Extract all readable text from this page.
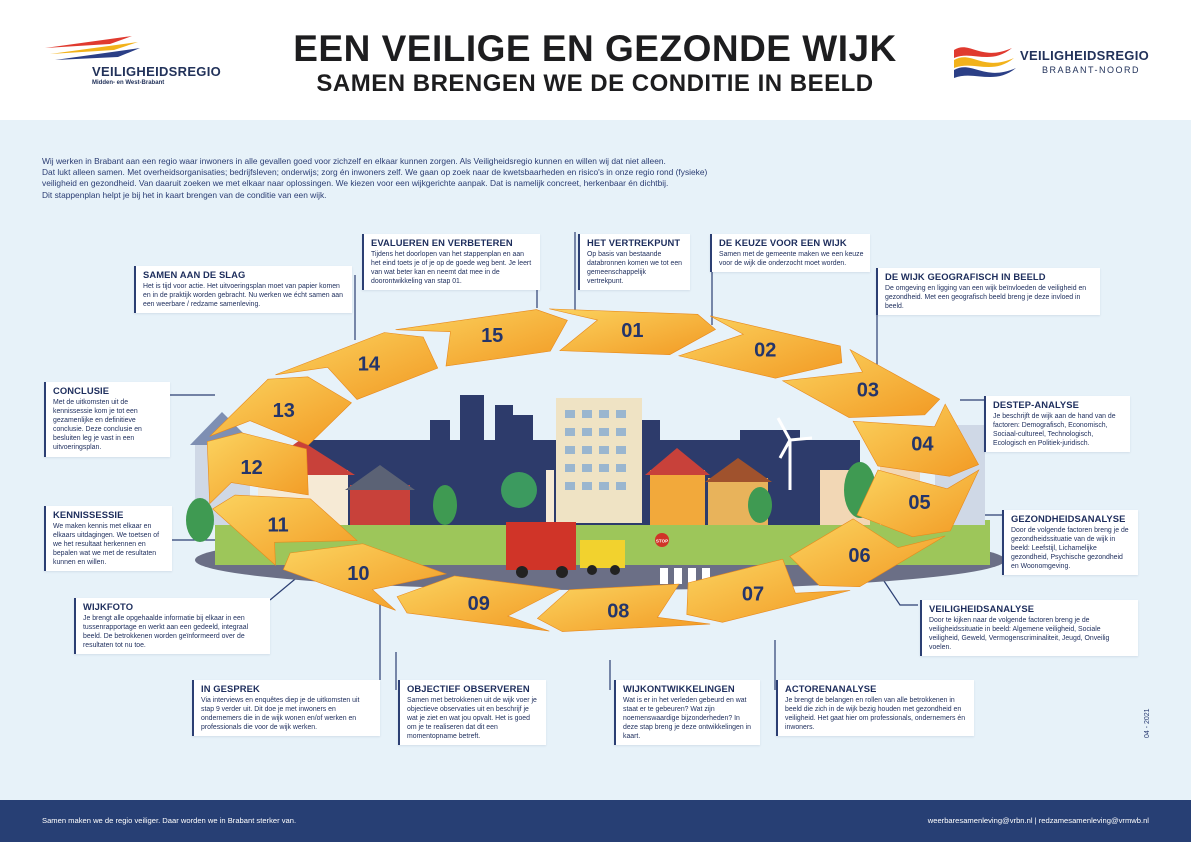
VEILIGHEIDSREGIO
Midden- en West-Brabant
EEN VEILIGE EN GEZONDE WIJK
SAMEN BRENGEN WE DE CONDITIE IN BEELD
VEILIGHEIDSREGIO
BRABANT-NOORD
Wij werken in Brabant aan een regio waar inwoners in alle gevallen goed voor zichzelf en elkaar kunnen zorgen. Als Veiligheidsregio kunnen en willen wij dat niet alleen.
Dat lukt alleen samen. Met overheidsorganisaties; bedrijfsleven; onderwijs; zorg én inwoners zelf. We gaan op zoek naar de kwetsbaarheden en risico's in onze regio rond (fysieke)
veiligheid en gezondheid. Van daaruit zoeken we met elkaar naar oplossingen. We kiezen voor een wijkgerichte aanpak. Dat is namelijk concreet, herkenbaar én dichtbij.
Dit stappenplan helpt je bij het in kaart brengen van de conditie van een wijk.
STOP
01
02
03
04
05
06
07
08
09
10
11
12
13
14
15
EVALUEREN EN VERBETEREN

Tijdens het doorlopen van het stappenplan en aan het eind toets je of je op de goede weg bent. Je leert van wat beter kan en neemt dat mee in de doorontwikkeling van stap 01.

HET VERTREKPUNT

Op basis van bestaande databronnen komen we tot een gemeenschappelijk vertrekpunt.

DE KEUZE VOOR EEN WIJK

Samen met de gemeente maken we een keuze voor de wijk die onderzocht moet worden.

SAMEN AAN DE SLAG

Het is tijd voor actie. Het uitvoeringsplan moet van papier komen en in de praktijk worden gebracht. Nu werken we écht samen aan een weerbare / redzame samenleving.

DE WIJK GEOGRAFISCH IN BEELD

De omgeving en ligging van een wijk beïnvloeden de veiligheid en gezondheid. Met een geografisch beeld breng je deze invloed in beeld.

CONCLUSIE

Met de uitkomsten uit de kennissessie kom je tot een gezamenlijke en definitieve conclusie. Deze conclusie en besluiten leg je vast in een uitvoeringsplan.

DESTEP-ANALYSE

Je beschrijft de wijk aan de hand van de factoren: Demografisch, Economisch, Sociaal-cultureel, Technologisch, Ecologisch en Politiek-juridisch.

KENNISSESSIE

We maken kennis met elkaar en elkaars uitdagingen. We toetsen of we het resultaat herkennen en bepalen wat we met de resultaten kunnen en willen.

GEZONDHEIDSANALYSE

Door de volgende factoren breng je de gezondheidssituatie van de wijk in beeld: Leefstijl, Lichamelijke gezondheid, Psychische gezondheid en Woonomgeving.

WIJKFOTO

Je brengt alle opgehaalde informatie bij elkaar in een tussenrapportage en werkt aan een gedeeld, integraal beeld. De betrokkenen worden geïnformeerd over de resultaten tot nu toe.

VEILIGHEIDSANALYSE

Door te kijken naar de volgende factoren breng je de veiligheidssituatie in beeld: Algemene veiligheid, Sociale veiligheid, Geweld, Vermogenscriminaliteit, Jeugd, Onveilig voelen.

IN GESPREK

Via interviews en enquêtes diep je de uitkomsten uit stap 9 verder uit. Dit doe je met inwoners en ondernemers die in de wijk wonen en/of werken en professionals die voor de wijk werken.

OBJECTIEF OBSERVEREN

Samen met betrokkenen uit de wijk voer je objectieve observaties uit en beschrijf je wat je ziet en wat jou opvalt. Het is goed om je te realiseren dat dit een momentopname betreft.

WIJKONTWIKKELINGEN

Wat is er in het verleden gebeurd en wat staat er te gebeuren? Wat zijn noemenswaardige bijzonderheden? In deze stap breng je deze ontwikkelingen in kaart.

ACTORENANALYSE

Je brengt de belangen en rollen van alle betrokkenen in beeld die zich in de wijk bezig houden met gezondheid en veiligheid. Het gaat hier om professionals, ondernemers én inwoners.	04 - 2021
Samen maken we de regio veiliger. Daar worden we in Brabant sterker van.	weerbaresamenleving@vrbn.nl | redzamesamenleving@vrmwb.nl
